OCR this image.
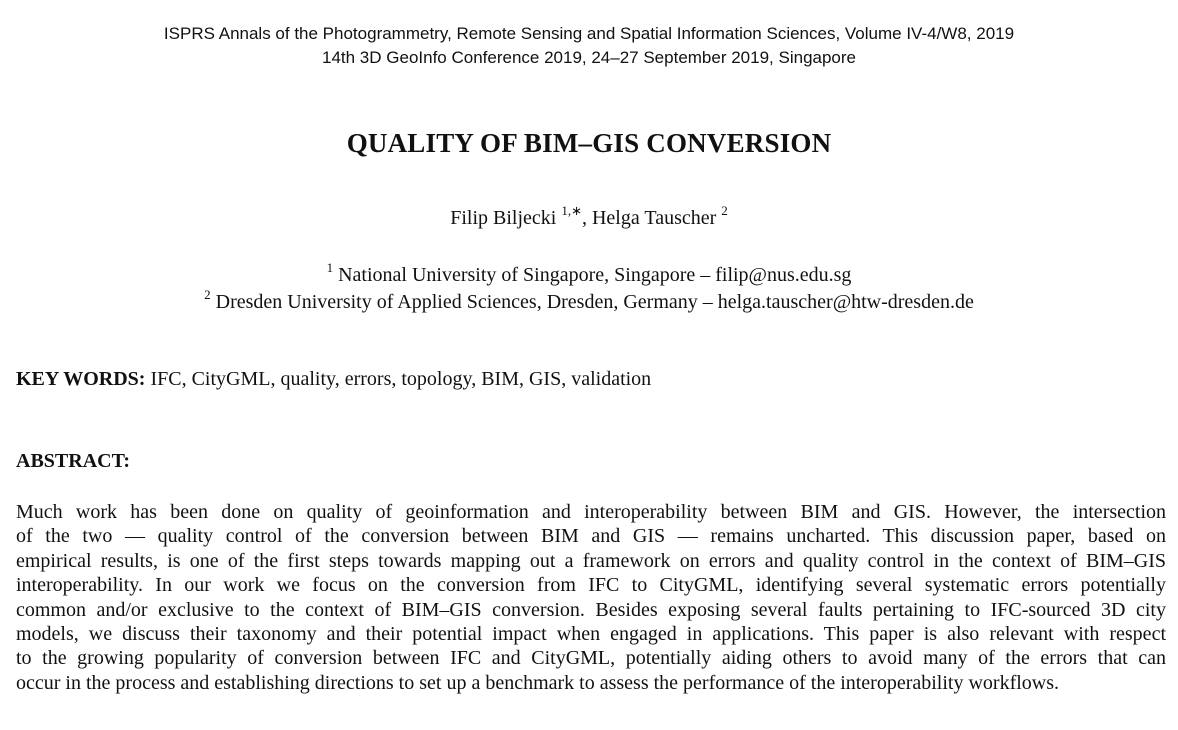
ISPRS Annals of the Photogrammetry, Remote Sensing and Spatial Information Sciences, Volume IV-4/W8, 2019
14th 3D GeoInfo Conference 2019, 24–27 September 2019, Singapore
QUALITY OF BIM–GIS CONVERSION
Filip Biljecki $^{1,∗}$, Helga Tauscher $^2$
$^1$ National University of Singapore, Singapore – filip@nus.edu.sg
$^2$ Dresden University of Applied Sciences, Dresden, Germany – helga.tauscher@htw-dresden.de
KEY WORDS: IFC, CityGML, quality, errors, topology, BIM, GIS, validation
ABSTRACT:
Much work has been done on quality of geoinformation and interoperability between BIM and GIS. However, the intersection
of the two — quality control of the conversion between BIM and GIS — remains uncharted. This discussion paper, based on
empirical results, is one of the first steps towards mapping out a framework on errors and quality control in the context of BIM–GIS
interoperability. In our work we focus on the conversion from IFC to CityGML, identifying several systematic errors potentially
common and/or exclusive to the context of BIM–GIS conversion. Besides exposing several faults pertaining to IFC-sourced 3D city
models, we discuss their taxonomy and their potential impact when engaged in applications. This paper is also relevant with respect
to the growing popularity of conversion between IFC and CityGML, potentially aiding others to avoid many of the errors that can
occur in the process and establishing directions to set up a benchmark to assess the performance of the interoperability workflows.
